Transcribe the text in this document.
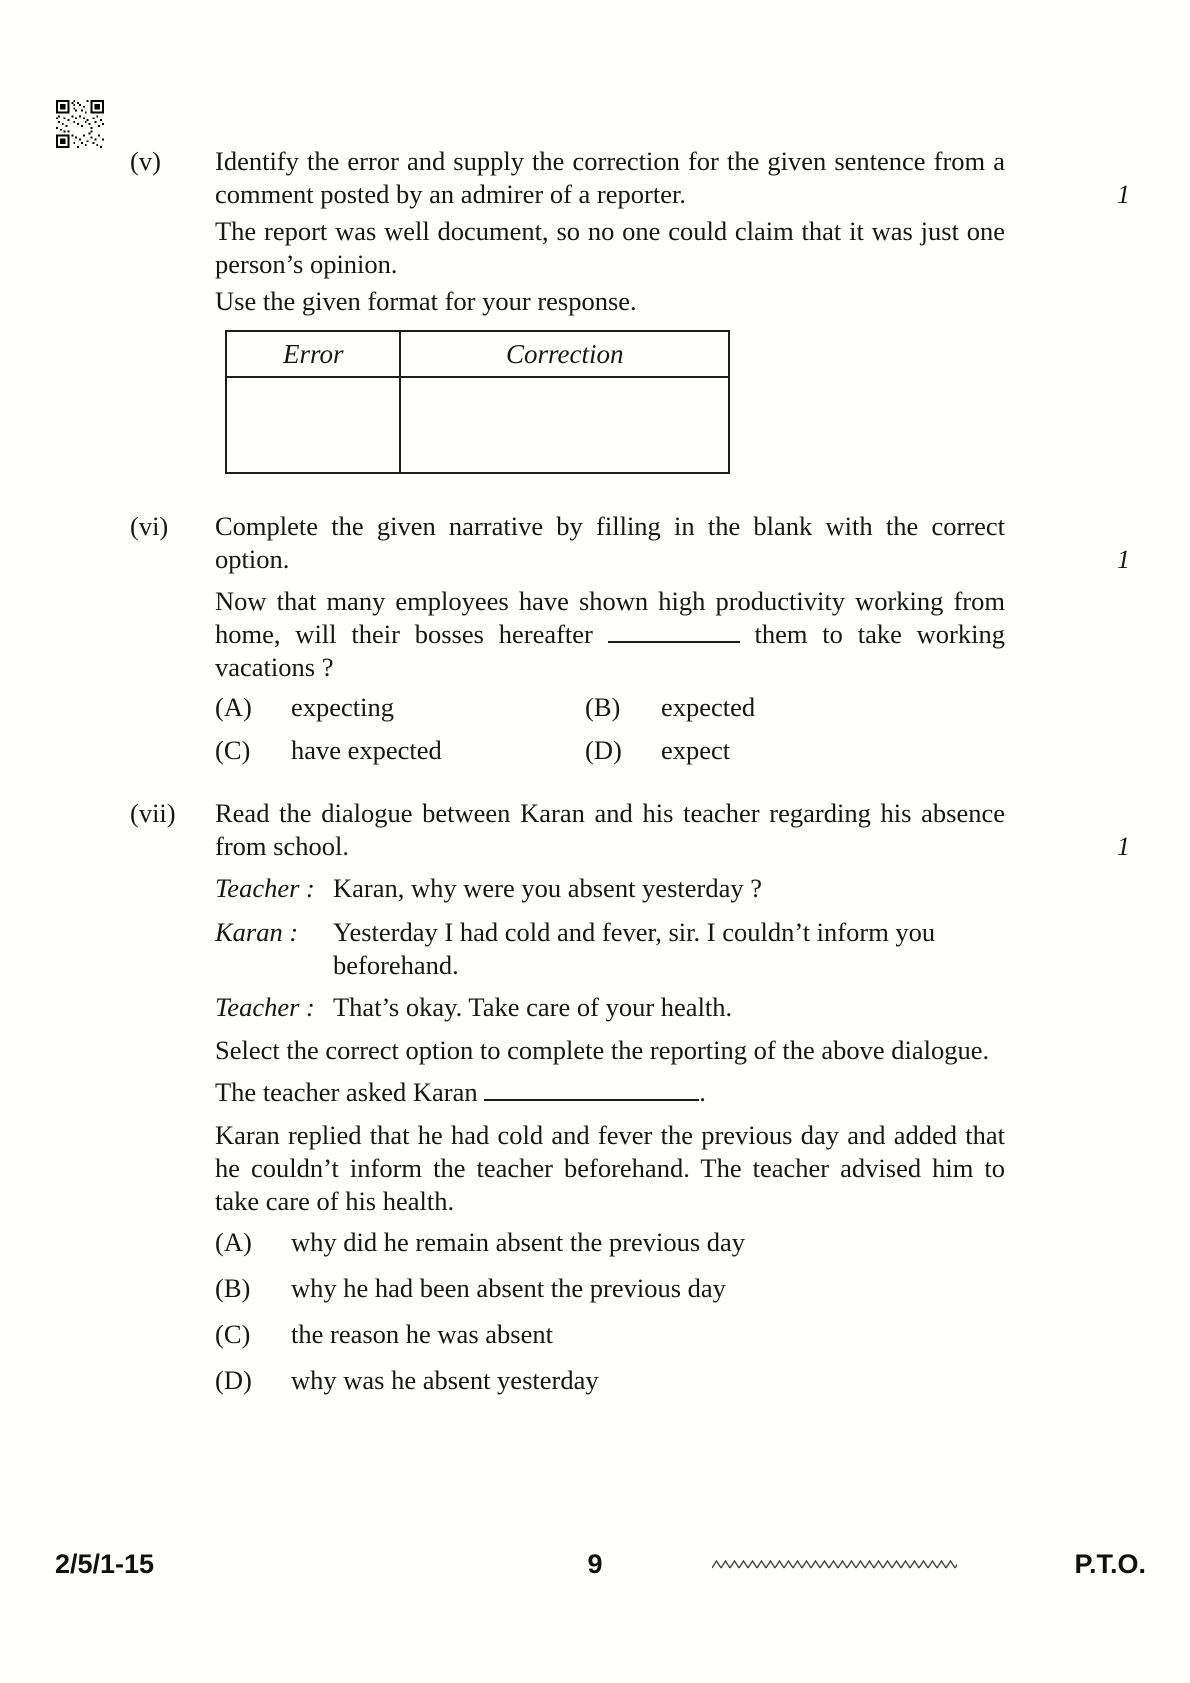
(v)	Identify the error and supply the correction for the given sentence from a comment posted by an admirer of a reporter.

The report was well document, so no one could claim that it was just one person’s opinion.

Use the given format for your response.

Error	Correction

1
(vi)	Complete the given narrative by filling in the blank with the correct option.

Now that many employees have shown high productivity working from home, will their bosses hereafter	them to take working vacations ?

(A)	expecting	(B)	expected
(C)	have expected	(D)	expect
1
(vii)	Read the dialogue between Karan and his teacher regarding his absence from school.

Teacher : Karan, why were you absent yesterday ?
Karan :	Yesterday I had cold and fever, sir. I couldn’t inform you beforehand.
Teacher : That’s okay. Take care of your health.

Select the correct option to complete the reporting of the above dialogue.

The teacher asked Karan	.

Karan replied that he had cold and fever the previous day and added that he couldn’t inform the teacher beforehand. The teacher advised him to take care of his health.

(A)	why did he remain absent the previous day
(B)	why he had been absent the previous day
(C)	the reason he was absent
(D)	why was he absent yesterday
1
2/5/1-15	9	P.T.O.
